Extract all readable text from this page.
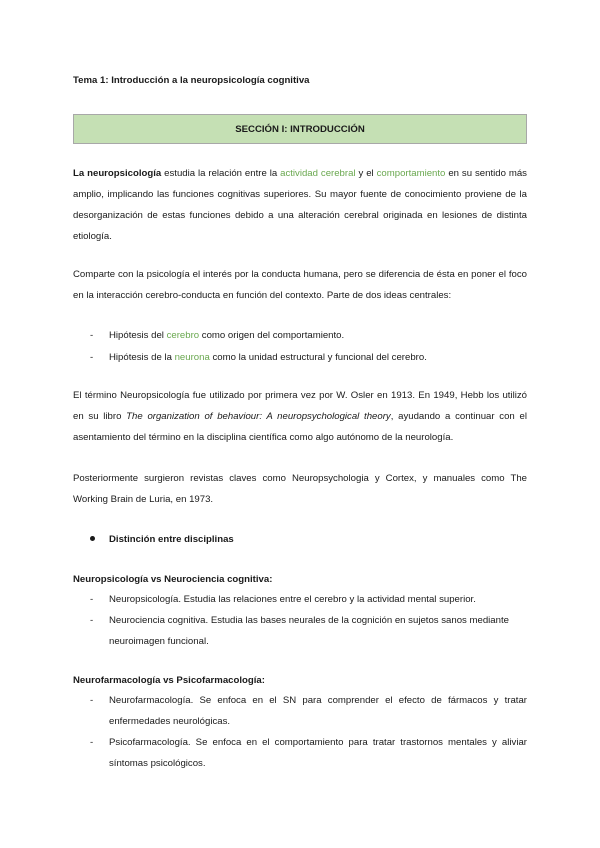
Tema 1: Introducción a la neuropsicología cognitiva
SECCIÓN I: INTRODUCCIÓN

La neuropsicología estudia la relación entre la actividad cerebral y el comportamiento en su sentido más amplio, implicando las funciones cognitivas superiores. Su mayor fuente de conocimiento proviene de la desorganización de estas funciones debido a una alteración cerebral originada en lesiones de distinta etiología.

Comparte con la psicología el interés por la conducta humana, pero se diferencia de ésta en poner el foco en la interacción cerebro-conducta en función del contexto. Parte de dos ideas centrales:

- Hipótesis del cerebro como origen del comportamiento.
- Hipótesis de la neurona como la unidad estructural y funcional del cerebro.

El término Neuropsicología fue utilizado por primera vez por W. Osler en 1913. En 1949, Hebb los utilizó en su libro The organization of behaviour: A neuropsychological theory, ayudando a continuar con el asentamiento del término en la disciplina científica como algo autónomo de la neurología.

Posteriormente surgieron revistas claves como Neuropsychologia y Cortex, y manuales como The Working Brain de Luria, en 1973.

Distinción entre disciplinas
Neuropsicología vs Neurociencia cognitiva:
- Neuropsicología. Estudia las relaciones entre el cerebro y la actividad mental superior.
- Neurociencia cognitiva. Estudia las bases neurales de la cognición en sujetos sanos mediante neuroimagen funcional.
Neurofarmacología vs Psicofarmacología:
- Neurofarmacología. Se enfoca en el SN para comprender el efecto de fármacos y tratar enfermedades neurológicas.
- Psicofarmacología. Se enfoca en el comportamiento para tratar trastornos mentales y aliviar síntomas psicológicos.
